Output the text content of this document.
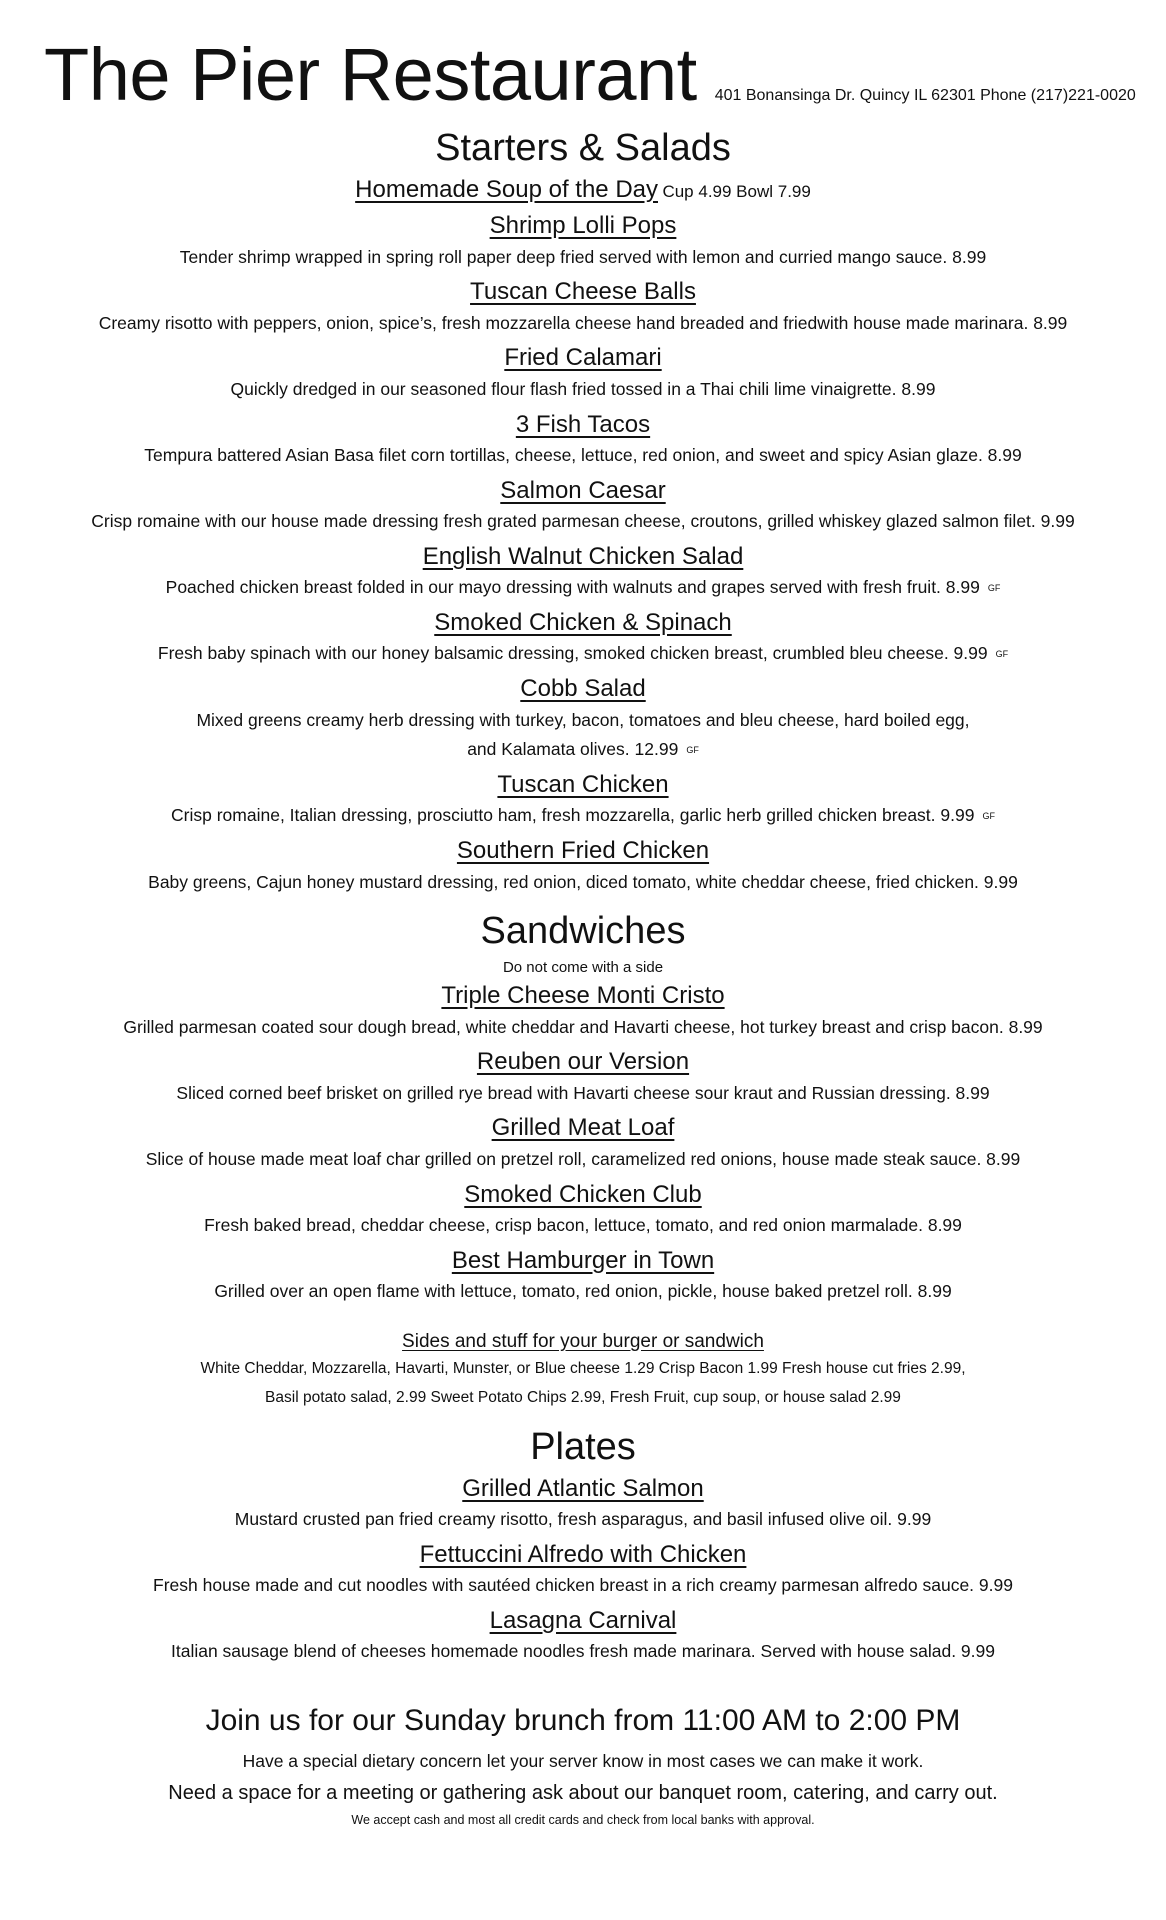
The Pier Restaurant 401 Bonansinga Dr. Quincy IL 62301 Phone (217)221-0020
Starters & Salads
Homemade Soup of the Day Cup 4.99 Bowl 7.99
Shrimp Lolli Pops
Tender shrimp wrapped in spring roll paper deep fried served with lemon and curried mango sauce. 8.99
Tuscan Cheese Balls
Creamy risotto with peppers, onion, spice’s, fresh mozzarella cheese hand breaded and friedwith house made marinara. 8.99
Fried Calamari
Quickly dredged in our seasoned flour flash fried tossed in a Thai chili lime vinaigrette. 8.99
3 Fish Tacos
Tempura battered Asian Basa filet corn tortillas, cheese, lettuce, red onion, and sweet and spicy Asian glaze. 8.99
Salmon Caesar
Crisp romaine with our house made dressing fresh grated parmesan cheese, croutons, grilled whiskey glazed salmon filet. 9.99
English Walnut Chicken Salad
Poached chicken breast folded in our mayo dressing with walnuts and grapes served with fresh fruit. 8.99 GF
Smoked Chicken & Spinach
Fresh baby spinach with our honey balsamic dressing, smoked chicken breast, crumbled bleu cheese. 9.99 GF
Cobb Salad
Mixed greens creamy herb dressing with turkey, bacon, tomatoes and bleu cheese, hard boiled egg,
and Kalamata olives. 12.99 GF
Tuscan Chicken
Crisp romaine, Italian dressing, prosciutto ham, fresh mozzarella, garlic herb grilled chicken breast. 9.99 GF
Southern Fried Chicken
Baby greens, Cajun honey mustard dressing, red onion, diced tomato, white cheddar cheese, fried chicken. 9.99
Sandwiches
Do not come with a side
Triple Cheese Monti Cristo
Grilled parmesan coated sour dough bread, white cheddar and Havarti cheese, hot turkey breast and crisp bacon. 8.99
Reuben our Version
Sliced corned beef brisket on grilled rye bread with Havarti cheese sour kraut and Russian dressing. 8.99
Grilled Meat Loaf
Slice of house made meat loaf char grilled on pretzel roll, caramelized red onions, house made steak sauce. 8.99
Smoked Chicken Club
Fresh baked bread, cheddar cheese, crisp bacon, lettuce, tomato, and red onion marmalade. 8.99
Best Hamburger in Town
Grilled over an open flame with lettuce, tomato, red onion, pickle, house baked pretzel roll. 8.99
Sides and stuff for your burger or sandwich
White Cheddar, Mozzarella, Havarti, Munster, or Blue cheese 1.29 Crisp Bacon 1.99 Fresh house cut fries 2.99,
Basil potato salad, 2.99 Sweet Potato Chips 2.99, Fresh Fruit, cup soup, or house salad 2.99
Plates
Grilled Atlantic Salmon
Mustard crusted pan fried creamy risotto, fresh asparagus, and basil infused olive oil. 9.99
Fettuccini Alfredo with Chicken
Fresh house made and cut noodles with sautéed chicken breast in a rich creamy parmesan alfredo sauce. 9.99
Lasagna Carnival
Italian sausage blend of cheeses homemade noodles fresh made marinara. Served with house salad. 9.99
Join us for our Sunday brunch from 11:00 AM to 2:00 PM
Have a special dietary concern let your server know in most cases we can make it work.
Need a space for a meeting or gathering ask about our banquet room, catering, and carry out.
We accept cash and most all credit cards and check from local banks with approval.
